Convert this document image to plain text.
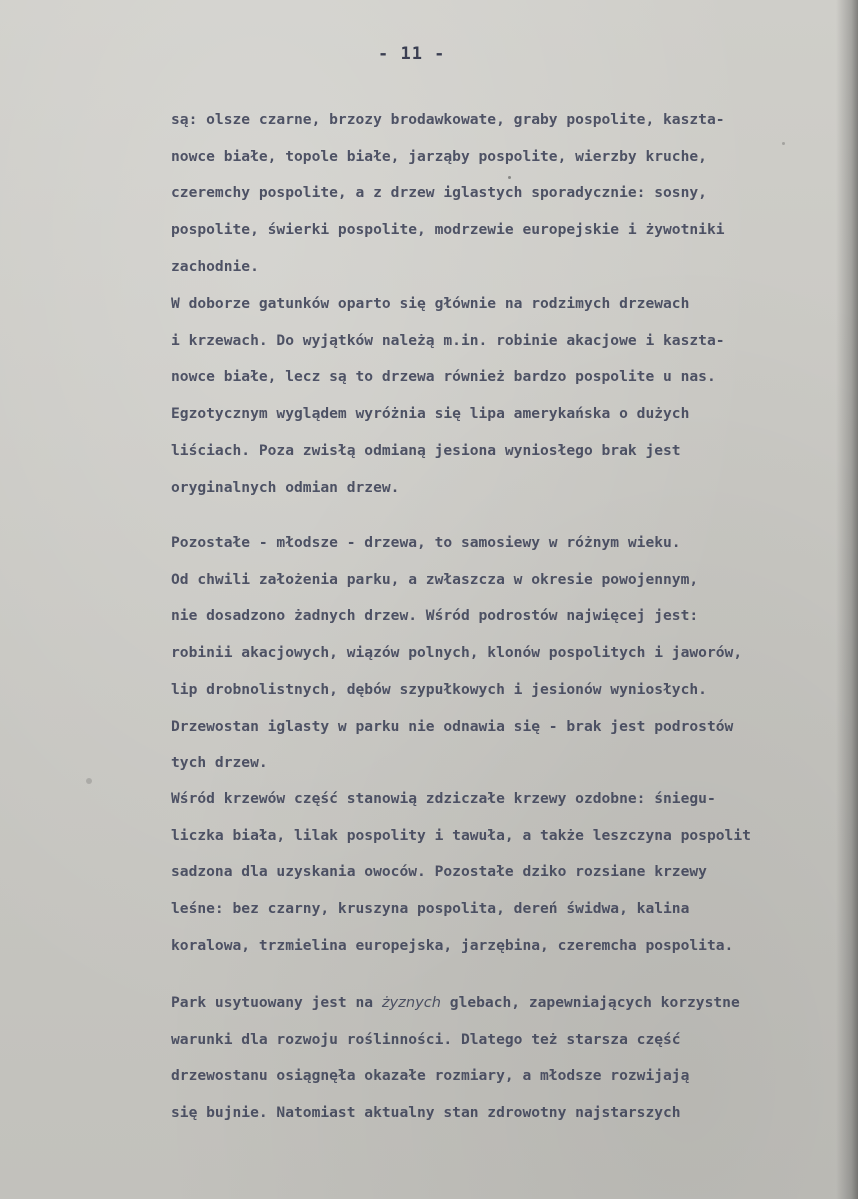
- 11 -
są: olsze czarne, brzozy brodawkowate, graby pospolite, kaszta-
nowce białe, topole białe, jarząby pospolite, wierzby kruche,
czeremchy pospolite, a z drzew iglastych sporadycznie: sosny,
pospolite, świerki pospolite, modrzewie europejskie i żywotniki
zachodnie.
W doborze gatunków oparto się głównie na rodzimych drzewach
i krzewach. Do wyjątków należą m.in. robinie akacjowe i kaszta-
nowce białe, lecz są to drzewa również bardzo pospolite u nas.
Egzotycznym wyglądem wyróżnia się lipa amerykańska o dużych
liściach. Poza zwisłą odmianą jesiona wyniosłego brak jest
oryginalnych odmian drzew.
Pozostałe - młodsze - drzewa, to samosiewy w różnym wieku.
Od chwili założenia parku, a zwłaszcza w okresie powojennym,
nie dosadzono żadnych drzew. Wśród podrostów najwięcej jest:
robinii akacjowych, wiązów polnych, klonów pospolitych i jaworów,
lip drobnolistnych, dębów szypułkowych i jesionów wyniosłych.
Drzewostan iglasty w parku nie odnawia się - brak jest podrostów
tych drzew.
Wśród krzewów część stanowią zdziczałe krzewy ozdobne: śniegu-
liczka biała, lilak pospolity i tawuła, a także leszczyna pospolit
sadzona dla uzyskania owoców. Pozostałe dziko rozsiane krzewy
leśne: bez czarny, kruszyna pospolita, dereń świdwa, kalina
koralowa, trzmielina europejska, jarzębina, czeremcha pospolita.
Park usytuowany jest na żyznych glebach, zapewniających korzystne
warunki dla rozwoju roślinności. Dlatego też starsza część
drzewostanu osiągnęła okazałe rozmiary, a młodsze rozwijają
się bujnie. Natomiast aktualny stan zdrowotny najstarszych
